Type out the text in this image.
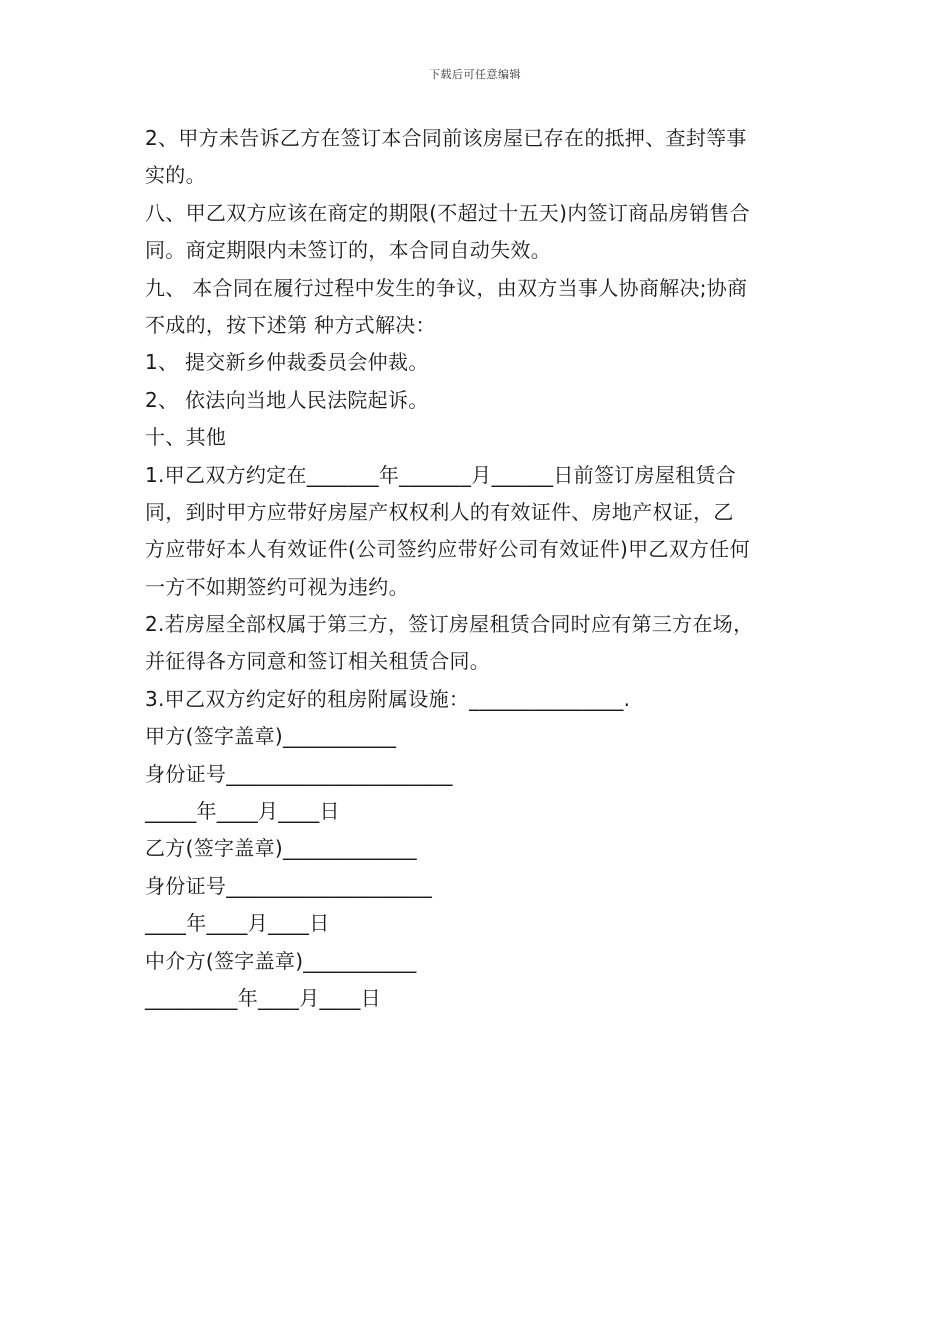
下载后可任意编辑
2、甲方未告诉乙方在签订本合同前该房屋已存在的抵押、查封等事
实的。
八、甲乙双方应该在商定的期限(不超过十五天)内签订商品房销售合
同。商定期限内未签订的，本合同自动失效。
九、 本合同在履行过程中发生的争议，由双方当事人协商解决;协商
不成的，按下述第 种方式解决：
1、 提交新乡仲裁委员会仲裁。
2、 依法向当地人民法院起诉。
十、其他
1.甲乙双方约定在_______年_______月______日前签订房屋租赁合
同，到时甲方应带好房屋产权权利人的有效证件、房地产权证，乙
方应带好本人有效证件(公司签约应带好公司有效证件)甲乙双方任何
一方不如期签约可视为违约。
2.若房屋全部权属于第三方，签订房屋租赁合同时应有第三方在场，
并征得各方同意和签订相关租赁合同。
3.甲乙双方约定好的租房附属设施：_______________.
甲方(签字盖章)___________
身份证号______________________
_____年____月____日
乙方(签字盖章)_____________
身份证号____________________
____年____月____日
中介方(签字盖章)___________
_________年____月____日
